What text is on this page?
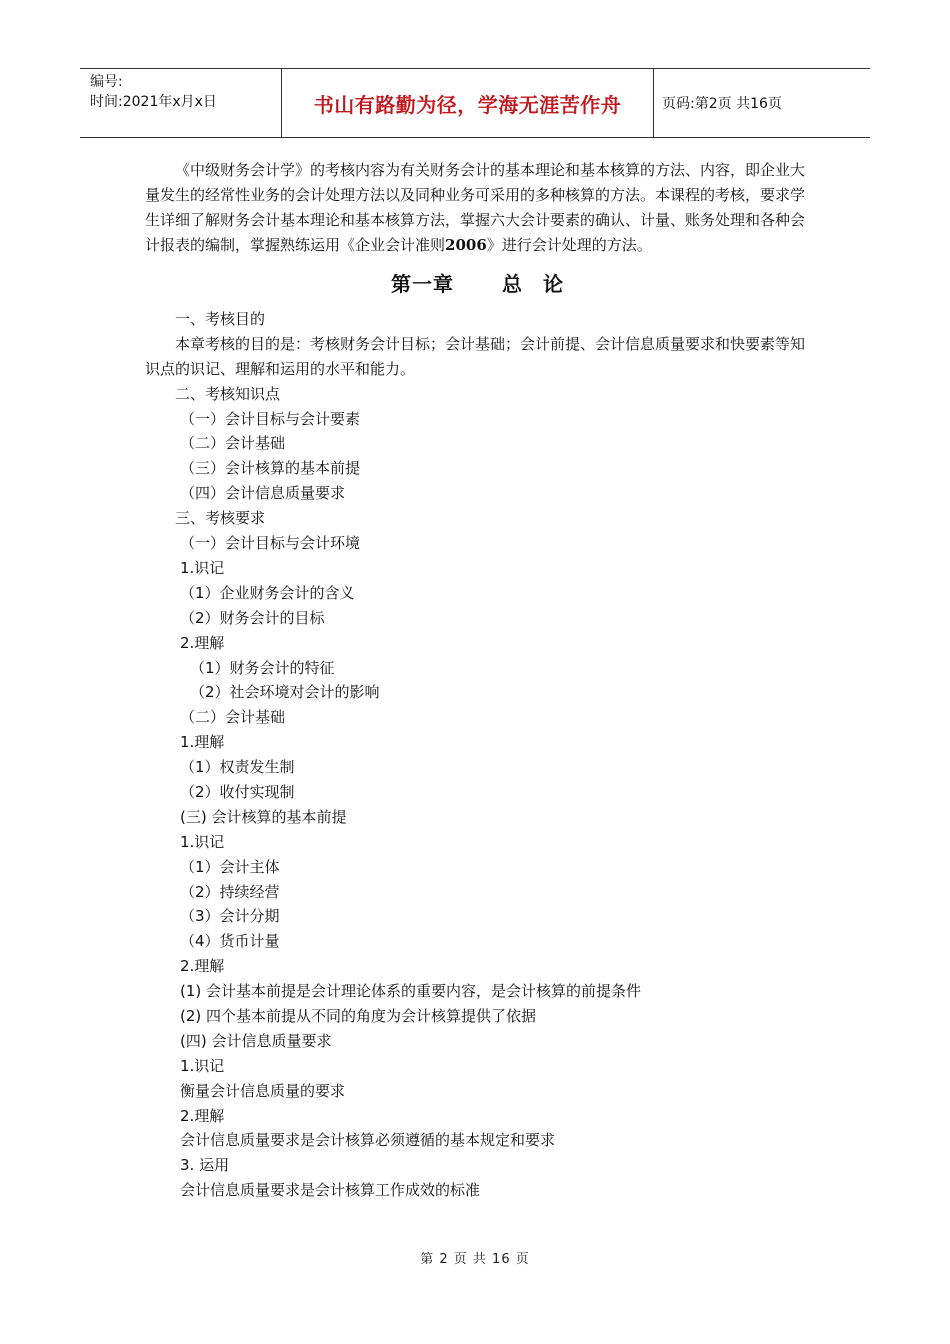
编号:
时间:2021年x月x日	书山有路勤为径，学海无涯苦作舟	页码:第2页 共16页

《中级财务会计学》的考核内容为有关财务会计的基本理论和基本核算的方法、内容，即企业大量发生的经常性业务的会计处理方法以及同种业务可采用的多种核算的方法。本课程的考核，要求学生详细了解财务会计基本理论和基本核算方法，掌握六大会计要素的确认、计量、账务处理和各种会计报表的编制，掌握熟练运用《企业会计准则2006》进行会计处理的方法。

第一章 总 论
一、考核目的
本章考核的目的是：考核财务会计目标；会计基础；会计前提、会计信息质量要求和快要素等知识点的识记、理解和运用的水平和能力。
二、考核知识点
（一）会计目标与会计要素
（二）会计基础
（三）会计核算的基本前提
（四）会计信息质量要求
三、考核要求
（一）会计目标与会计环境
1.识记
（1）企业财务会计的含义
（2）财务会计的目标
2.理解
（1）财务会计的特征
（2）社会环境对会计的影响
（二）会计基础
1.理解
（1）权责发生制
（2）收付实现制
(三) 会计核算的基本前提
1.识记
（1）会计主体
（2）持续经营
（3）会计分期
（4）货币计量
2.理解
(1) 会计基本前提是会计理论体系的重要内容，是会计核算的前提条件
(2) 四个基本前提从不同的角度为会计核算提供了依据
(四) 会计信息质量要求
1.识记
衡量会计信息质量的要求
2.理解
会计信息质量要求是会计核算必须遵循的基本规定和要求
3. 运用
会计信息质量要求是会计核算工作成效的标准
第 2 页 共 16 页
